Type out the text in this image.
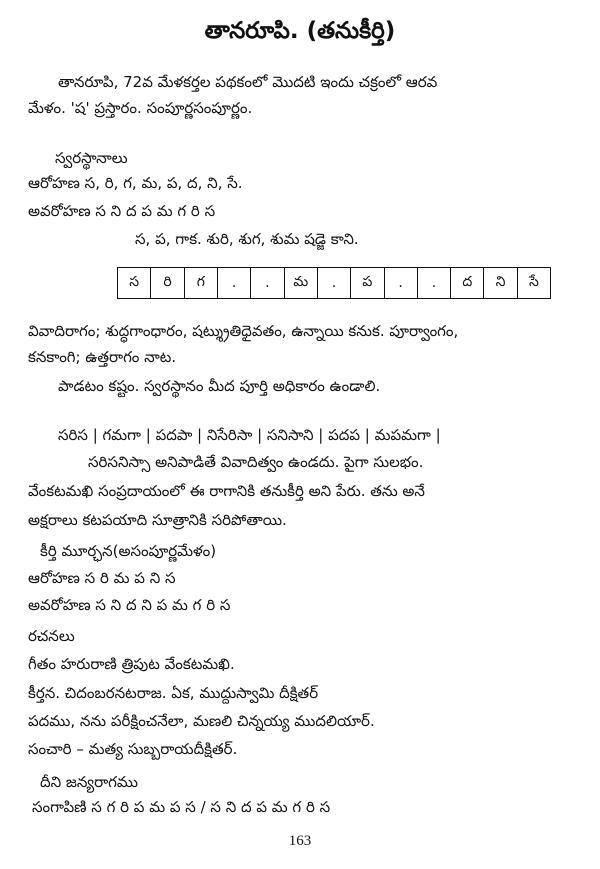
తానరూపి. (తనుకీర్తి)
తానరూపి, 72వ మేళకర్తల పథకంలో మొదటి ఇందు చక్రంలో ఆరవ
మేళం. 'ష' ప్రస్తారం. సంపూర్ణసంపూర్ణం.
స్వరస్థానాలు
ఆరోహణ స, రి, గ, మ, ప, ద, ని, సే.
అవరోహణ స ని ద ప మ గ రి స
స, ప, గాక. శురి, శుగ, శుమ షడ్జె కాని.
స	రి	గ	.	.	మ	.	ప	.	.	ద	ని	సే
వివాదిరాగం; శుద్ధగాంధారం, షట్శ్రుతిధైవతం, ఉన్నాయి కనుక. పూర్వాంగం,
కనకాంగి; ఉత్తరాగం నాట.
పాడటం కష్టం. స్వరస్థానం మీద పూర్తి అధికారం ఉండాలి.
సరిస | గమగా | పదపా | నిసేరిసా | సనిసాని | పదప | మపమగా |
సరిసనిస్సా అనిపాడితే వివాదిత్వం ఉండదు. పైగా సులభం.
వేంకటమఖి సంప్రదాయంలో ఈ రాగానికి తనుకీర్తి అని పేరు. తను అనే
అక్షరాలు కటపయాది సూత్రానికి సరిపోతాయి.
కీర్తి మూర్ఛన(అసంపూర్ణమేళం)
ఆరోహణ స రి మ ప ని స
అవరోహణ స ని ద ని ప మ గ రి స
రచనలు
గీతం హరురాణి త్రిపుట వేంకటమఖి.
కీర్తన. చిదంబరనటరాజ. ఏక, ముద్దుస్వామి దీక్షితర్
పదము, నను పరీక్షించనేలా, మణలి చిన్నయ్య ముదలియార్.
సంచారి – మత్య సుబ్బరాయదీక్షితర్.
దీని జన్యరాగము
సంగాపిణి స గ రి ప మ ప స / స ని ద ప మ గ రి స
163
